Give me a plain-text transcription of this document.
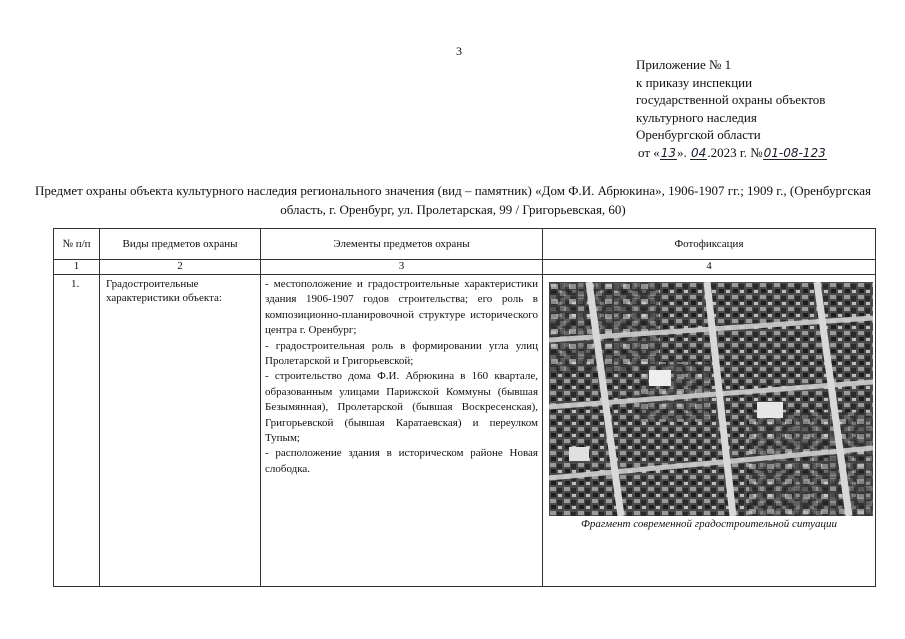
3
Приложение № 1
к приказу инспекции
государственной охраны объектов
культурного наследия
Оренбургской области
от «13». 04.2023 г. №01-08-123
Предмет охраны объекта культурного наследия регионального значения (вид – памятник) «Дом Ф.И. Абрюкина», 1906-1907 гг.; 1909 г., (Оренбургская область, г. Оренбург, ул. Пролетарская, 99 / Григорьевская, 60)
№ п/п	Виды предметов охраны	Элементы предметов охраны	Фотофиксация
1	2	3	4
1.	Градостроительные характеристики объекта:	- местоположение и градостроительные характеристики здания 1906-1907 годов строительства; его роль в композиционно-планировочной структуре исторического центра г. Оренбург;
- градостроительная роль в формировании угла улиц Пролетарской и Григорьевской;
- строительство дома Ф.И. Абрюкина в 160 квартале, образованным улицами Парижской Коммуны (бывшая Безымянная), Пролетарской (бывшая Воскресенская), Григорьевской (бывшая Каратаевская) и переулком Тупым;
- расположение здания в историческом районе Новая слободка.	Фрагмент современной градостроительной ситуации
